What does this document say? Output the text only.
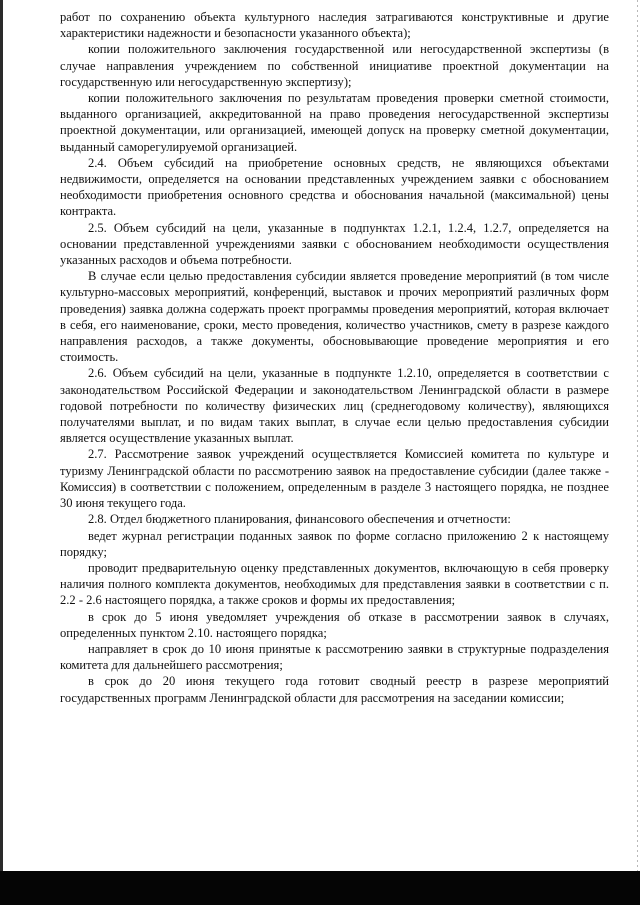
работ по сохранению объекта культурного наследия затрагиваются конструктивные и другие характеристики надежности и безопасности указанного объекта);

копии положительного заключения государственной или негосударственной экспертизы (в случае направления учреждением по собственной инициативе проектной документации на государственную или негосударственную экспертизу);

копии положительного заключения по результатам проведения проверки сметной стоимости, выданного организацией, аккредитованной на право проведения негосударственной экспертизы проектной документации, или организацией, имеющей допуск на проверку сметной документации, выданный саморегулируемой организацией.

2.4. Объем субсидий на приобретение основных средств, не являющихся объектами недвижимости, определяется на основании представленных учреждением заявки с обоснованием необходимости приобретения основного средства и обоснования начальной (максимальной) цены контракта.

2.5. Объем субсидий на цели, указанные в подпунктах 1.2.1, 1.2.4, 1.2.7, определяется на основании представленной учреждениями заявки с обоснованием необходимости осуществления указанных расходов и объема потребности.

В случае если целью предоставления субсидии является проведение мероприятий (в том числе культурно-массовых мероприятий, конференций, выставок и прочих мероприятий различных форм проведения) заявка должна содержать проект программы проведения мероприятий, которая включает в себя, его наименование, сроки, место проведения, количество участников, смету в разрезе каждого направления расходов, а также документы, обосновывающие проведение мероприятия и его стоимость.

2.6. Объем субсидий на цели, указанные в подпункте 1.2.10, определяется в соответствии с законодательством Российской Федерации и законодательством Ленинградской области в размере годовой потребности по количеству физических лиц (среднегодовому количеству), являющихся получателями выплат, и по видам таких выплат, в случае если целью предоставления субсидии является осуществление указанных выплат.

2.7. Рассмотрение заявок учреждений осуществляется Комиссией комитета по культуре и туризму Ленинградской области по рассмотрению заявок на предоставление субсидии (далее также - Комиссия) в соответствии с положением, определенным в разделе 3 настоящего порядка, не позднее 30 июня текущего года.

2.8. Отдел бюджетного планирования, финансового обеспечения и отчетности:

ведет журнал регистрации поданных заявок по форме согласно приложению 2 к настоящему порядку;

проводит предварительную оценку представленных документов, включающую в себя проверку наличия полного комплекта документов, необходимых для представления заявки в соответствии с п. 2.2 - 2.6 настоящего порядка, а также сроков и формы их предоставления;

в срок до 5 июня уведомляет учреждения об отказе в рассмотрении заявок в случаях, определенных пунктом 2.10. настоящего порядка;

направляет в срок до 10 июня принятые к рассмотрению заявки в структурные подразделения комитета для дальнейшего рассмотрения;

в срок до 20 июня текущего года готовит сводный реестр в разрезе мероприятий государственных программ Ленинградской области для рассмотрения на заседании комиссии;
